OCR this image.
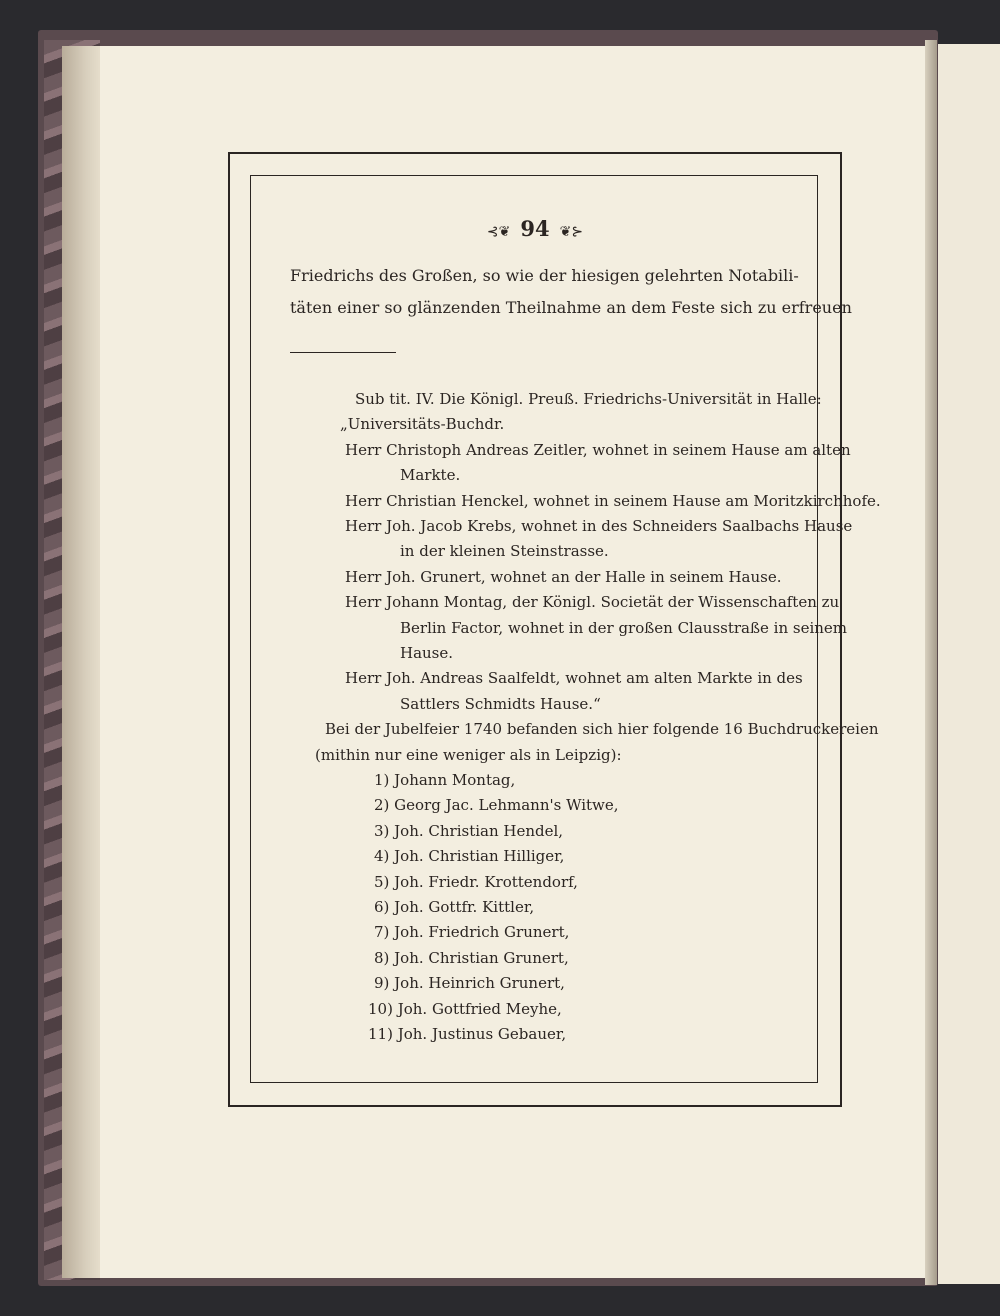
⊰❦ 94 ❦⊱
Friedrichs des Großen, so wie der hiesigen gelehrten Notabili-
täten einer so glänzenden Theilnahme an dem Feste sich zu erfreuen
Sub tit. IV. Die Königl. Preuß. Friedrichs-Universität in Halle:
„Universitäts-Buchdr.
Herr Christoph Andreas Zeitler, wohnet in seinem Hause am alten
Markte.
Herr Christian Henckel, wohnet in seinem Hause am Moritzkirchhofe.
Herr Joh. Jacob Krebs, wohnet in des Schneiders Saalbachs Hause
in der kleinen Steinstrasse.
Herr Joh. Grunert, wohnet an der Halle in seinem Hause.
Herr Johann Montag, der Königl. Societät der Wissenschaften zu
Berlin Factor, wohnet in der großen Clausstraße in seinem
Hause.
Herr Joh. Andreas Saalfeldt, wohnet am alten Markte in des
Sattlers Schmidts Hause.“
Bei der Jubelfeier 1740 befanden sich hier folgende 16 Buchdruckereien
(mithin nur eine weniger als in Leipzig):
1) Johann Montag,
2) Georg Jac. Lehmann's Witwe,
3) Joh. Christian Hendel,
4) Joh. Christian Hilliger,
5) Joh. Friedr. Krottendorf,
6) Joh. Gottfr. Kittler,
7) Joh. Friedrich Grunert,
8) Joh. Christian Grunert,
9) Joh. Heinrich Grunert,
10) Joh. Gottfried Meyhe,
11) Joh. Justinus Gebauer,
